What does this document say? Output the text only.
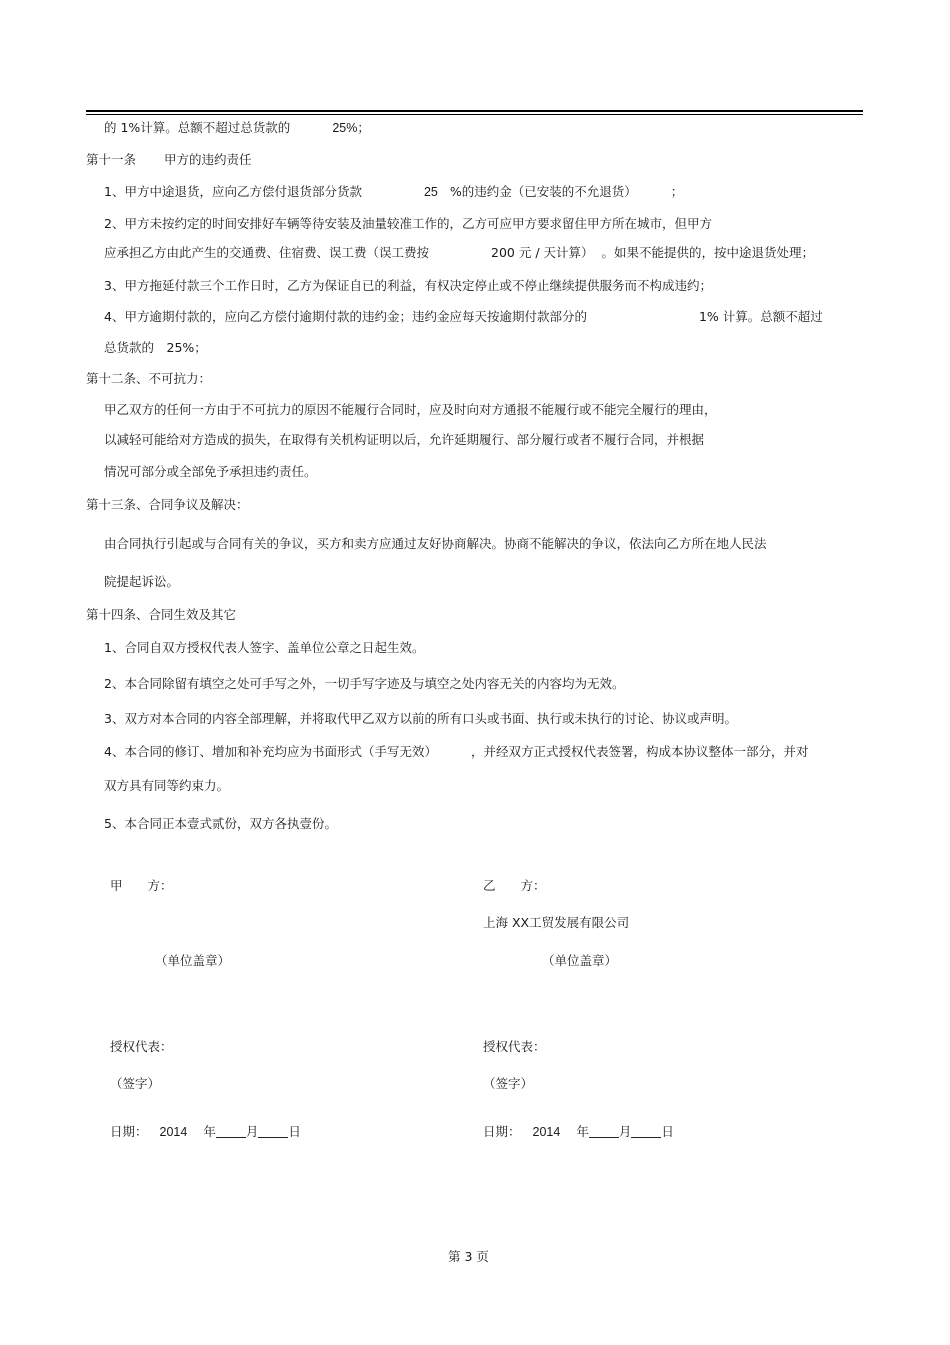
的 1%计算。总额不超过总货款的	25%；
第十一条 甲方的违约责任
1、甲方中途退货，应向乙方偿付退货部分货款	25 %的违约金（已安装的不允退货）	；
2、甲方未按约定的时间安排好车辆等待安装及油量较准工作的，乙方可应甲方要求留住甲方所在城市，但甲方
应承担乙方由此产生的交通费、住宿费、误工费（误工费按	200 元 / 天计算） 。如果不能提供的，按中途退货处理；
3、甲方拖延付款三个工作日时，乙方为保证自已的利益，有权决定停止或不停止继续提供服务而不构成违约；
4、甲方逾期付款的，应向乙方偿付逾期付款的违约金；违约金应每天按逾期付款部分的	1% 计算。总额不超过
总货款的　25%；
第十二条、不可抗力：
甲乙双方的任何一方由于不可抗力的原因不能履行合同时，应及时向对方通报不能履行或不能完全履行的理由，
以减轻可能给对方造成的损失，在取得有关机构证明以后，允许延期履行、部分履行或者不履行合同，并根据
情况可部分或全部免予承担违约责任。
第十三条、合同争议及解决：
由合同执行引起或与合同有关的争议，买方和卖方应通过友好协商解决。协商不能解决的争议，依法向乙方所在地人民法
院提起诉讼。
第十四条、合同生效及其它
1、合同自双方授权代表人签字、盖单位公章之日起生效。
2、本合同除留有填空之处可手写之外，一切手写字迹及与填空之处内容无关的内容均为无效。
3、双方对本合同的内容全部理解，并将取代甲乙双方以前的所有口头或书面、执行或未执行的讨论、协议或声明。
4、本合同的修订、增加和补充均应为书面形式（手写无效）	，并经双方正式授权代表签署，构成本协议整体一部分，并对
双方具有同等约束力。
5、本合同正本壹式贰份，双方各执壹份。
甲　　方：
（单位盖章）
授权代表：
（签字）
日期： 2014 年 月 日
乙　　方：
上海 XX工贸发展有限公司
（单位盖章）
授权代表：
（签字）
日期： 2014 年 月 日
第 3 页
